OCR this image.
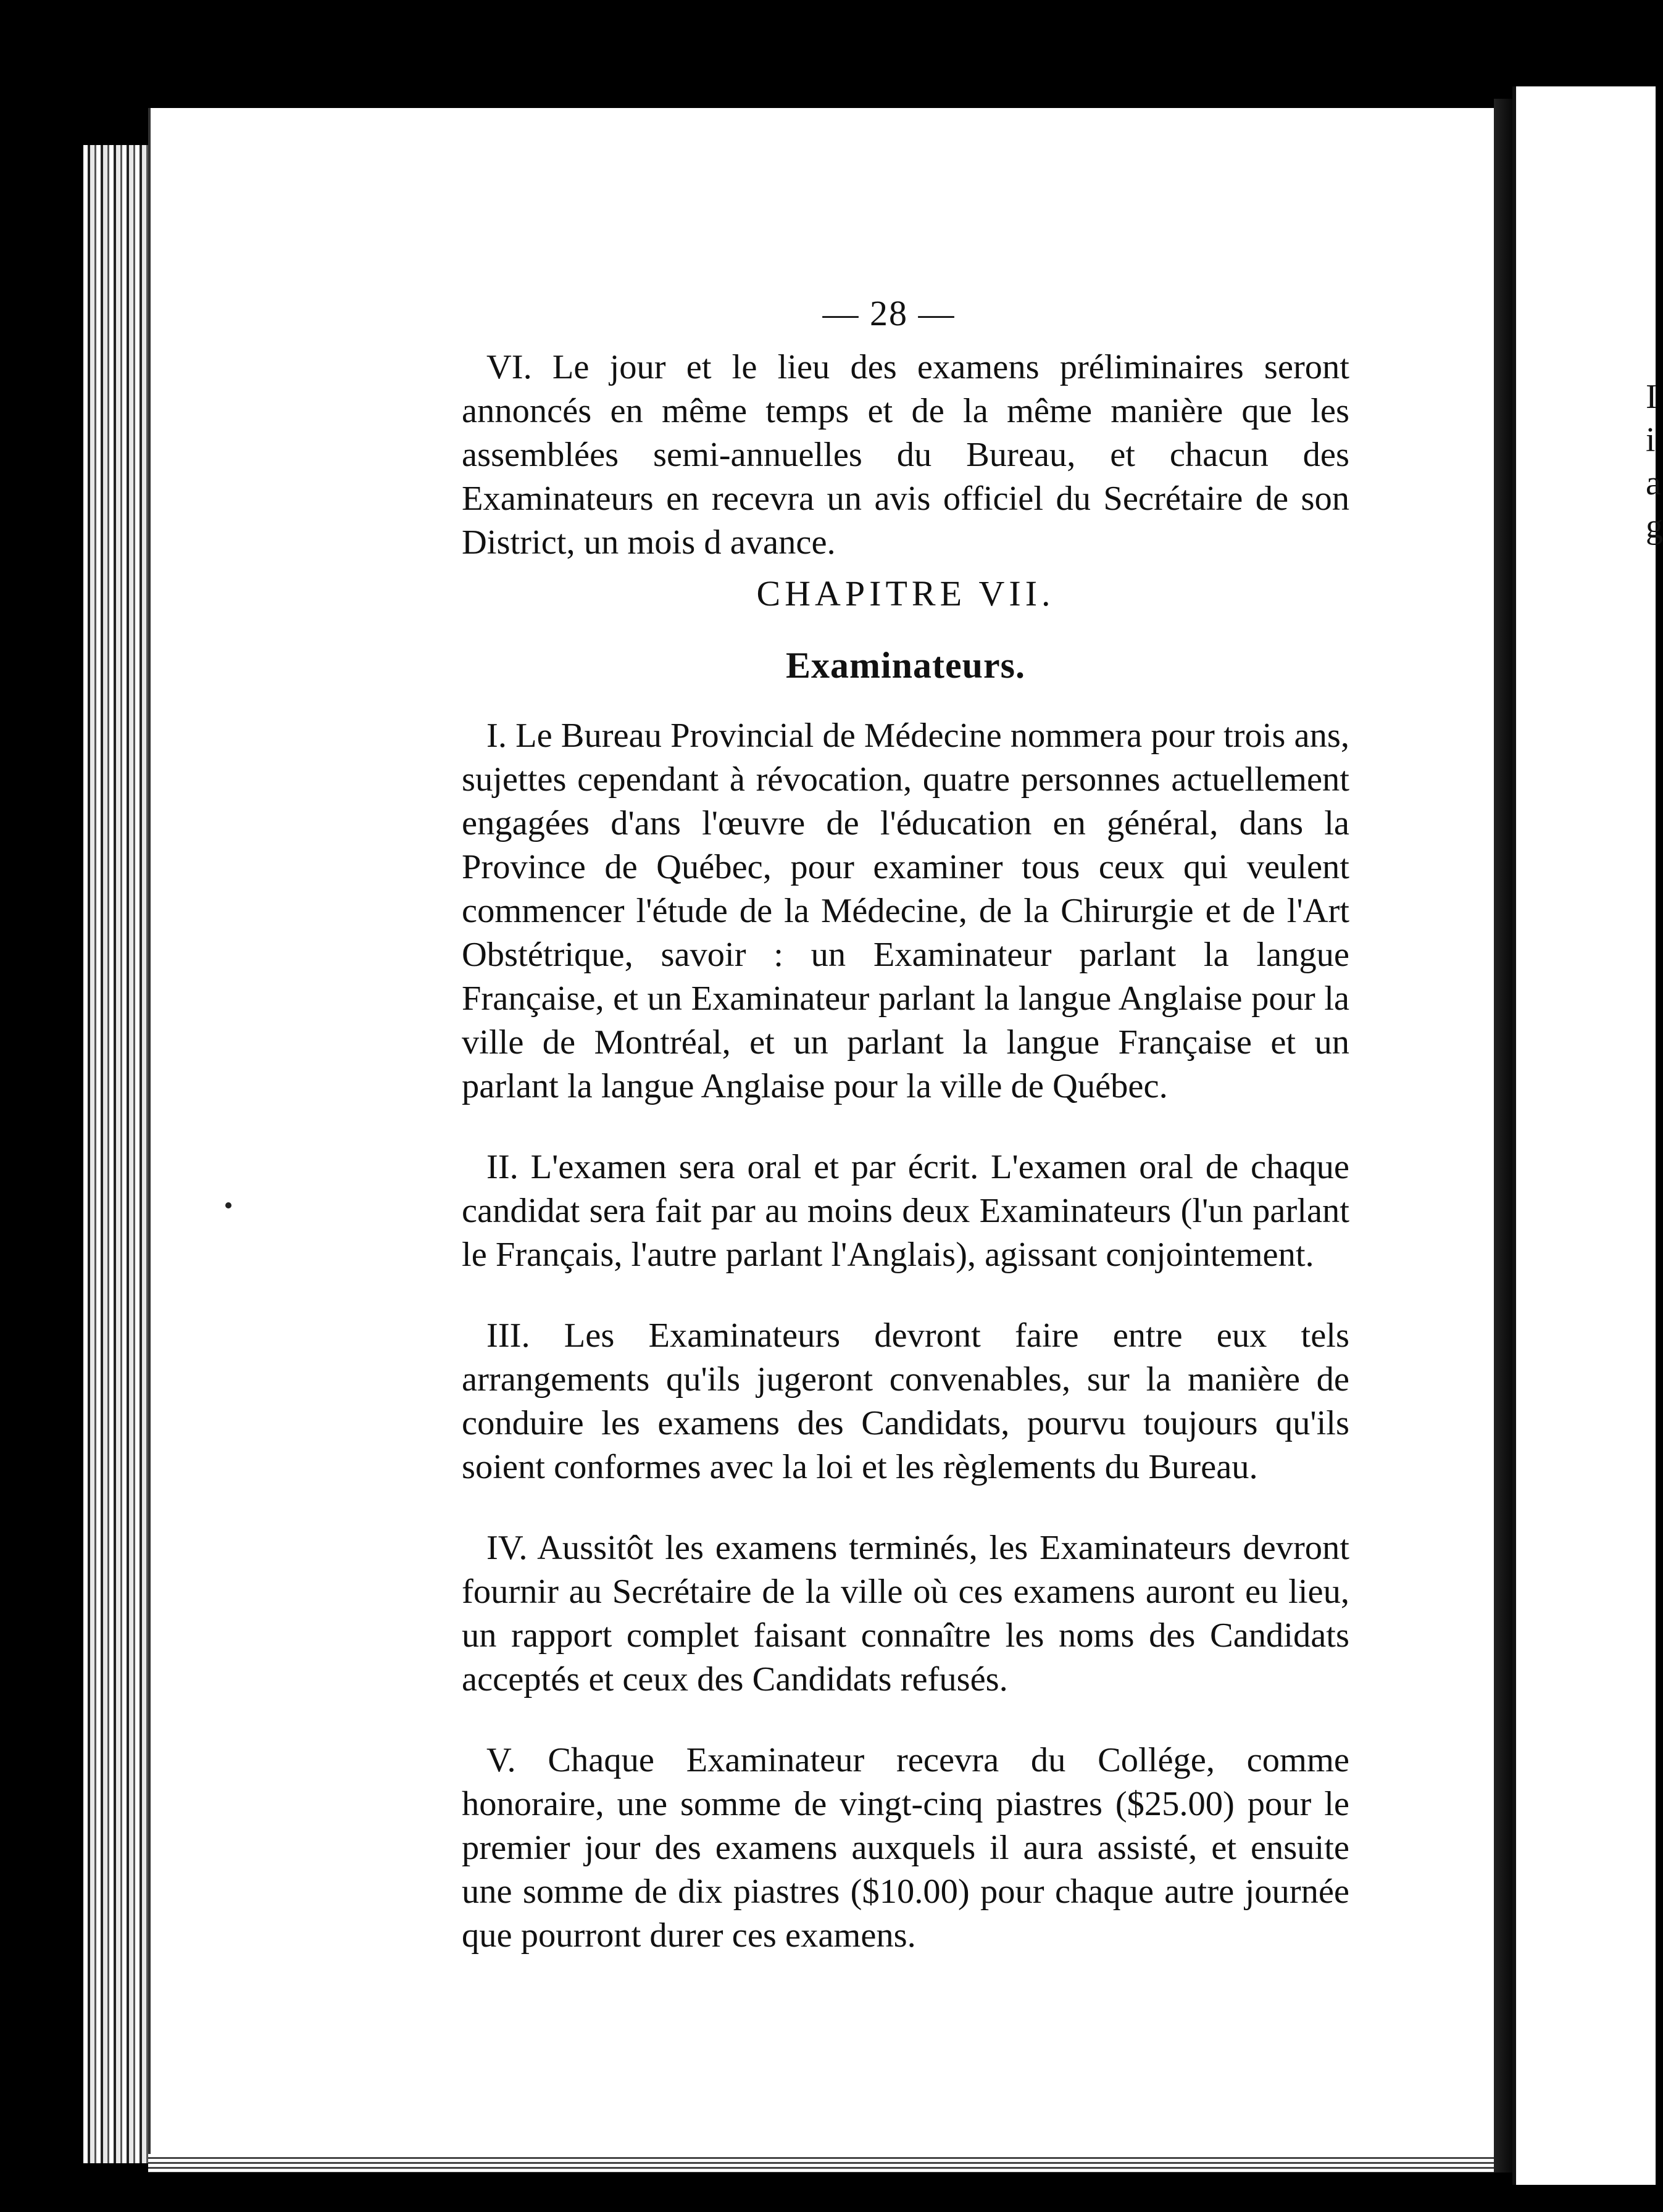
I
i
a
g
— 28 —

VI. Le jour et le lieu des examens préliminaires seront annoncés en même temps et de la même manière que les assemblées semi-annuelles du Bureau, et chacun des Examinateurs en recevra un avis officiel du Secrétaire de son District, un mois d avance.

CHAPITRE VII.
Examinateurs.

I. Le Bureau Provincial de Médecine nommera pour trois ans, sujettes cependant à révocation, quatre personnes actuellement engagées d'ans l'œuvre de l'éducation en général, dans la Province de Québec, pour examiner tous ceux qui veulent commencer l'étude de la Médecine, de la Chirurgie et de l'Art Obstétrique, savoir : un Examinateur parlant la langue Française, et un Examinateur parlant la langue Anglaise pour la ville de Montréal, et un parlant la langue Française et un parlant la langue Anglaise pour la ville de Québec.

II. L'examen sera oral et par écrit. L'examen oral de chaque candidat sera fait par au moins deux Examinateurs (l'un parlant le Français, l'autre parlant l'Anglais), agissant conjointement.

III. Les Examinateurs devront faire entre eux tels arrangements qu'ils jugeront convenables, sur la manière de conduire les examens des Candidats, pourvu toujours qu'ils soient conformes avec la loi et les règlements du Bureau.

IV. Aussitôt les examens terminés, les Examinateurs devront fournir au Secrétaire de la ville où ces examens auront eu lieu, un rapport complet faisant connaître les noms des Candidats acceptés et ceux des Candidats refusés.

V. Chaque Examinateur recevra du Collége, comme honoraire, une somme de vingt-cinq piastres ($25.00) pour le premier jour des examens auxquels il aura assisté, et ensuite une somme de dix piastres ($10.00) pour chaque autre journée que pourront durer ces examens.
